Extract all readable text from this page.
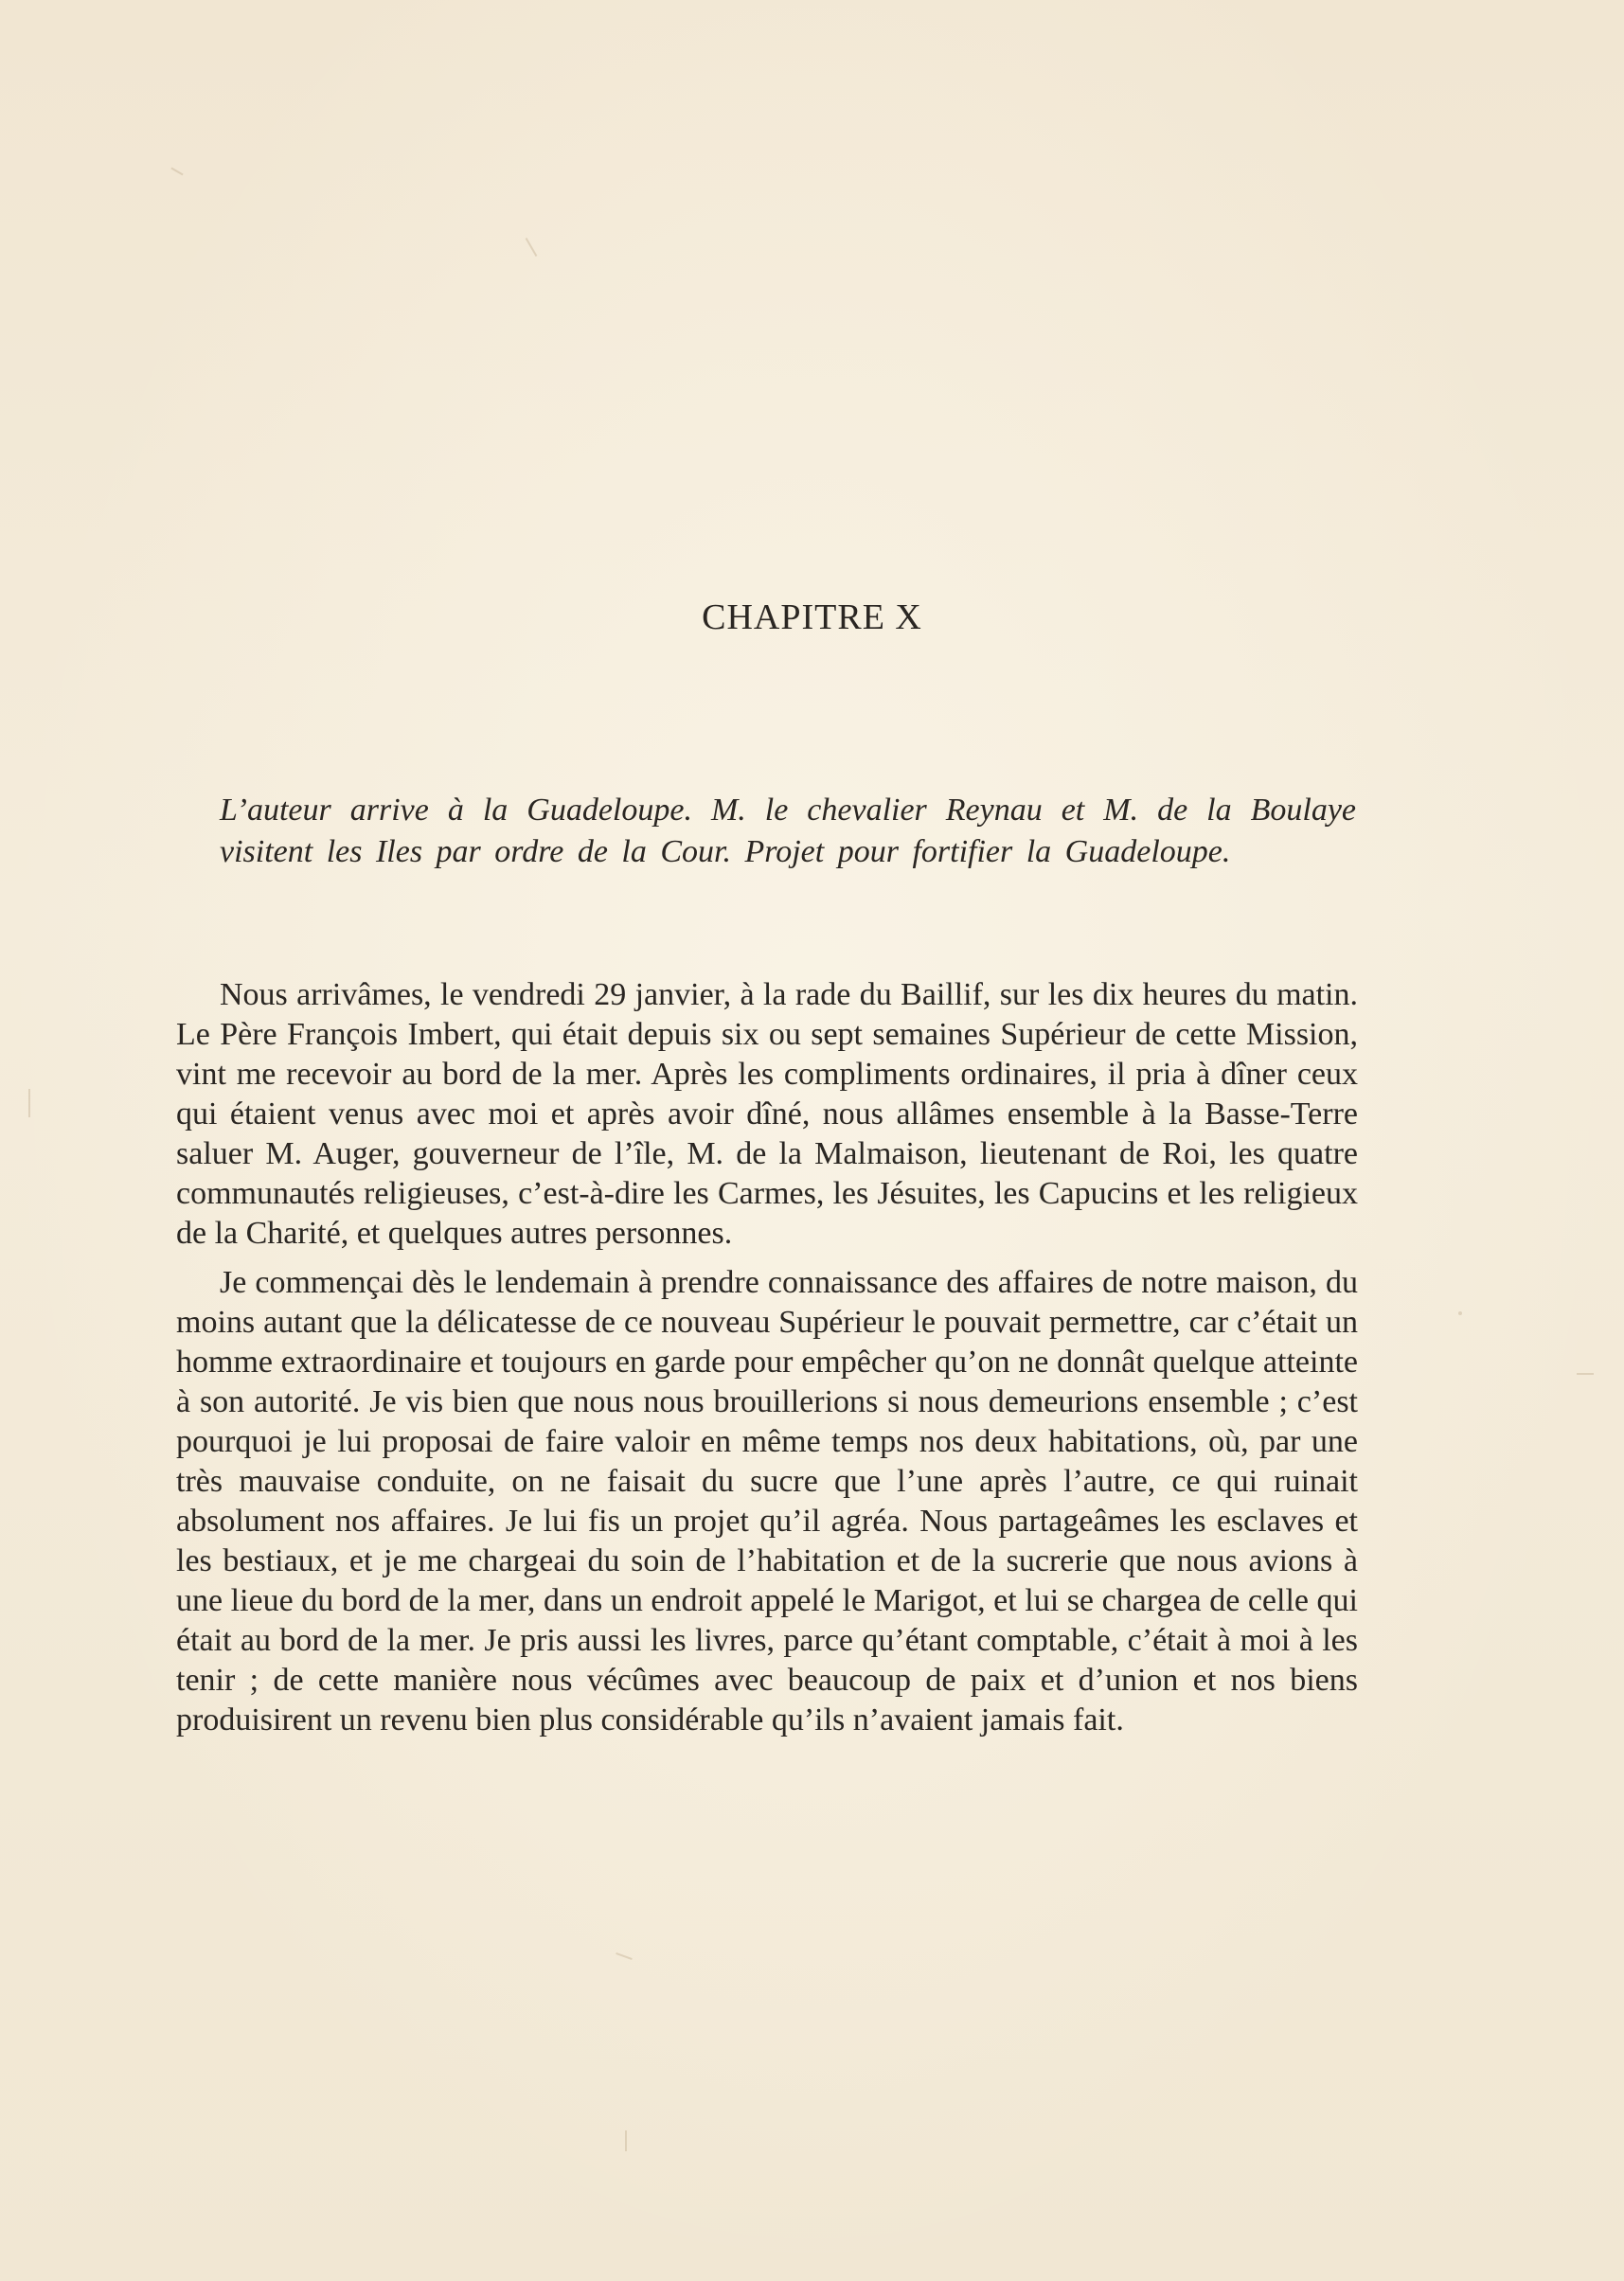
CHAPITRE X

L’auteur arrive à la Guadeloupe. M. le chevalier Reynau et M. de la Boulaye visitent les Iles par ordre de la Cour. Projet pour fortifier la Guadeloupe.

Nous arrivâmes, le vendredi 29 janvier, à la rade du Baillif, sur les dix heures du matin. Le Père François Imbert, qui était depuis six ou sept semaines Supérieur de cette Mission, vint me recevoir au bord de la mer. Après les compliments ordinaires, il pria à dîner ceux qui étaient venus avec moi et après avoir dîné, nous allâmes ensemble à la Basse-Terre saluer M. Auger, gouverneur de l’île, M. de la Malmaison, lieutenant de Roi, les quatre communautés religieuses, c’est-à-dire les Carmes, les Jésuites, les Capucins et les religieux de la Charité, et quelques autres personnes.

Je commençai dès le lendemain à prendre connaissance des affaires de notre maison, du moins autant que la délicatesse de ce nouveau Supérieur le pouvait permettre, car c’était un homme extraordinaire et toujours en garde pour empêcher qu’on ne donnât quelque atteinte à son autorité. Je vis bien que nous nous brouillerions si nous demeurions ensemble ; c’est pourquoi je lui proposai de faire valoir en même temps nos deux habitations, où, par une très mauvaise conduite, on ne faisait du sucre que l’une après l’autre, ce qui ruinait absolument nos affaires. Je lui fis un projet qu’il agréa. Nous partageâmes les esclaves et les bestiaux, et je me chargeai du soin de l’habitation et de la sucrerie que nous avions à une lieue du bord de la mer, dans un endroit appelé le Marigot, et lui se chargea de celle qui était au bord de la mer. Je pris aussi les livres, parce qu’étant comptable, c’était à moi à les tenir ; de cette manière nous vécûmes avec beaucoup de paix et d’union et nos biens produisirent un revenu bien plus considérable qu’ils n’avaient jamais fait.
